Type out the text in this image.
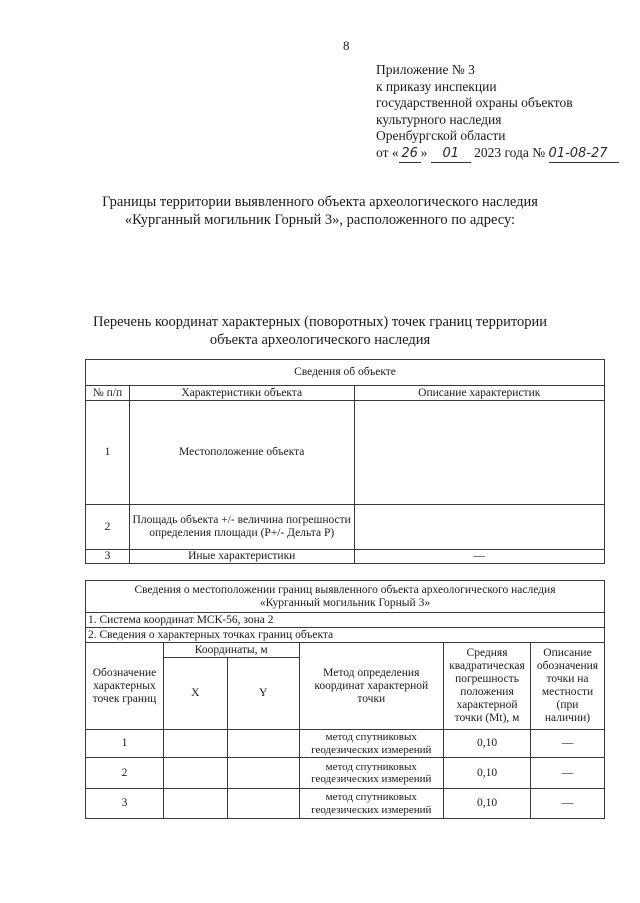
8
Приложение № 3
к приказу инспекции
государственной охраны объектов
культурного наследия
Оренбургской области
от « 26 » 01 2023 года № 01-08-27
Границы территории выявленного объекта археологического наследия
«Курганный могильник Горный 3», расположенного по адресу:
Перечень координат характерных (поворотных) точек границ территории
объекта археологического наследия
Сведения об объекте		
№ п/п	Характеристики объекта	Описание характеристик
1	Местоположение объекта	
2	Площадь объекта +/- величина погрешности определения площади (Р+/- Дельта Р)	
3	Иные характеристики	—
Сведения о местоположении границ выявленного объекта археологического наследия
«Курганный могильник Горный 3»					

1. Система координат МСК-56, зона 2					
2. Сведения о характерных точках границ объекта					
Обозначение характерных точек границ	Координаты, м		Метод определения координат характерной точки	Средняя квадратическая погрешность положения характерной точки (Mt), м	Описание обозначения точки на местности (при наличии)
	X	Y			
1			метод спутниковых геодезических измерений	0,10	—
2			метод спутниковых геодезических измерений	0,10	—
3			метод спутниковых геодезических измерений	0,10	—
